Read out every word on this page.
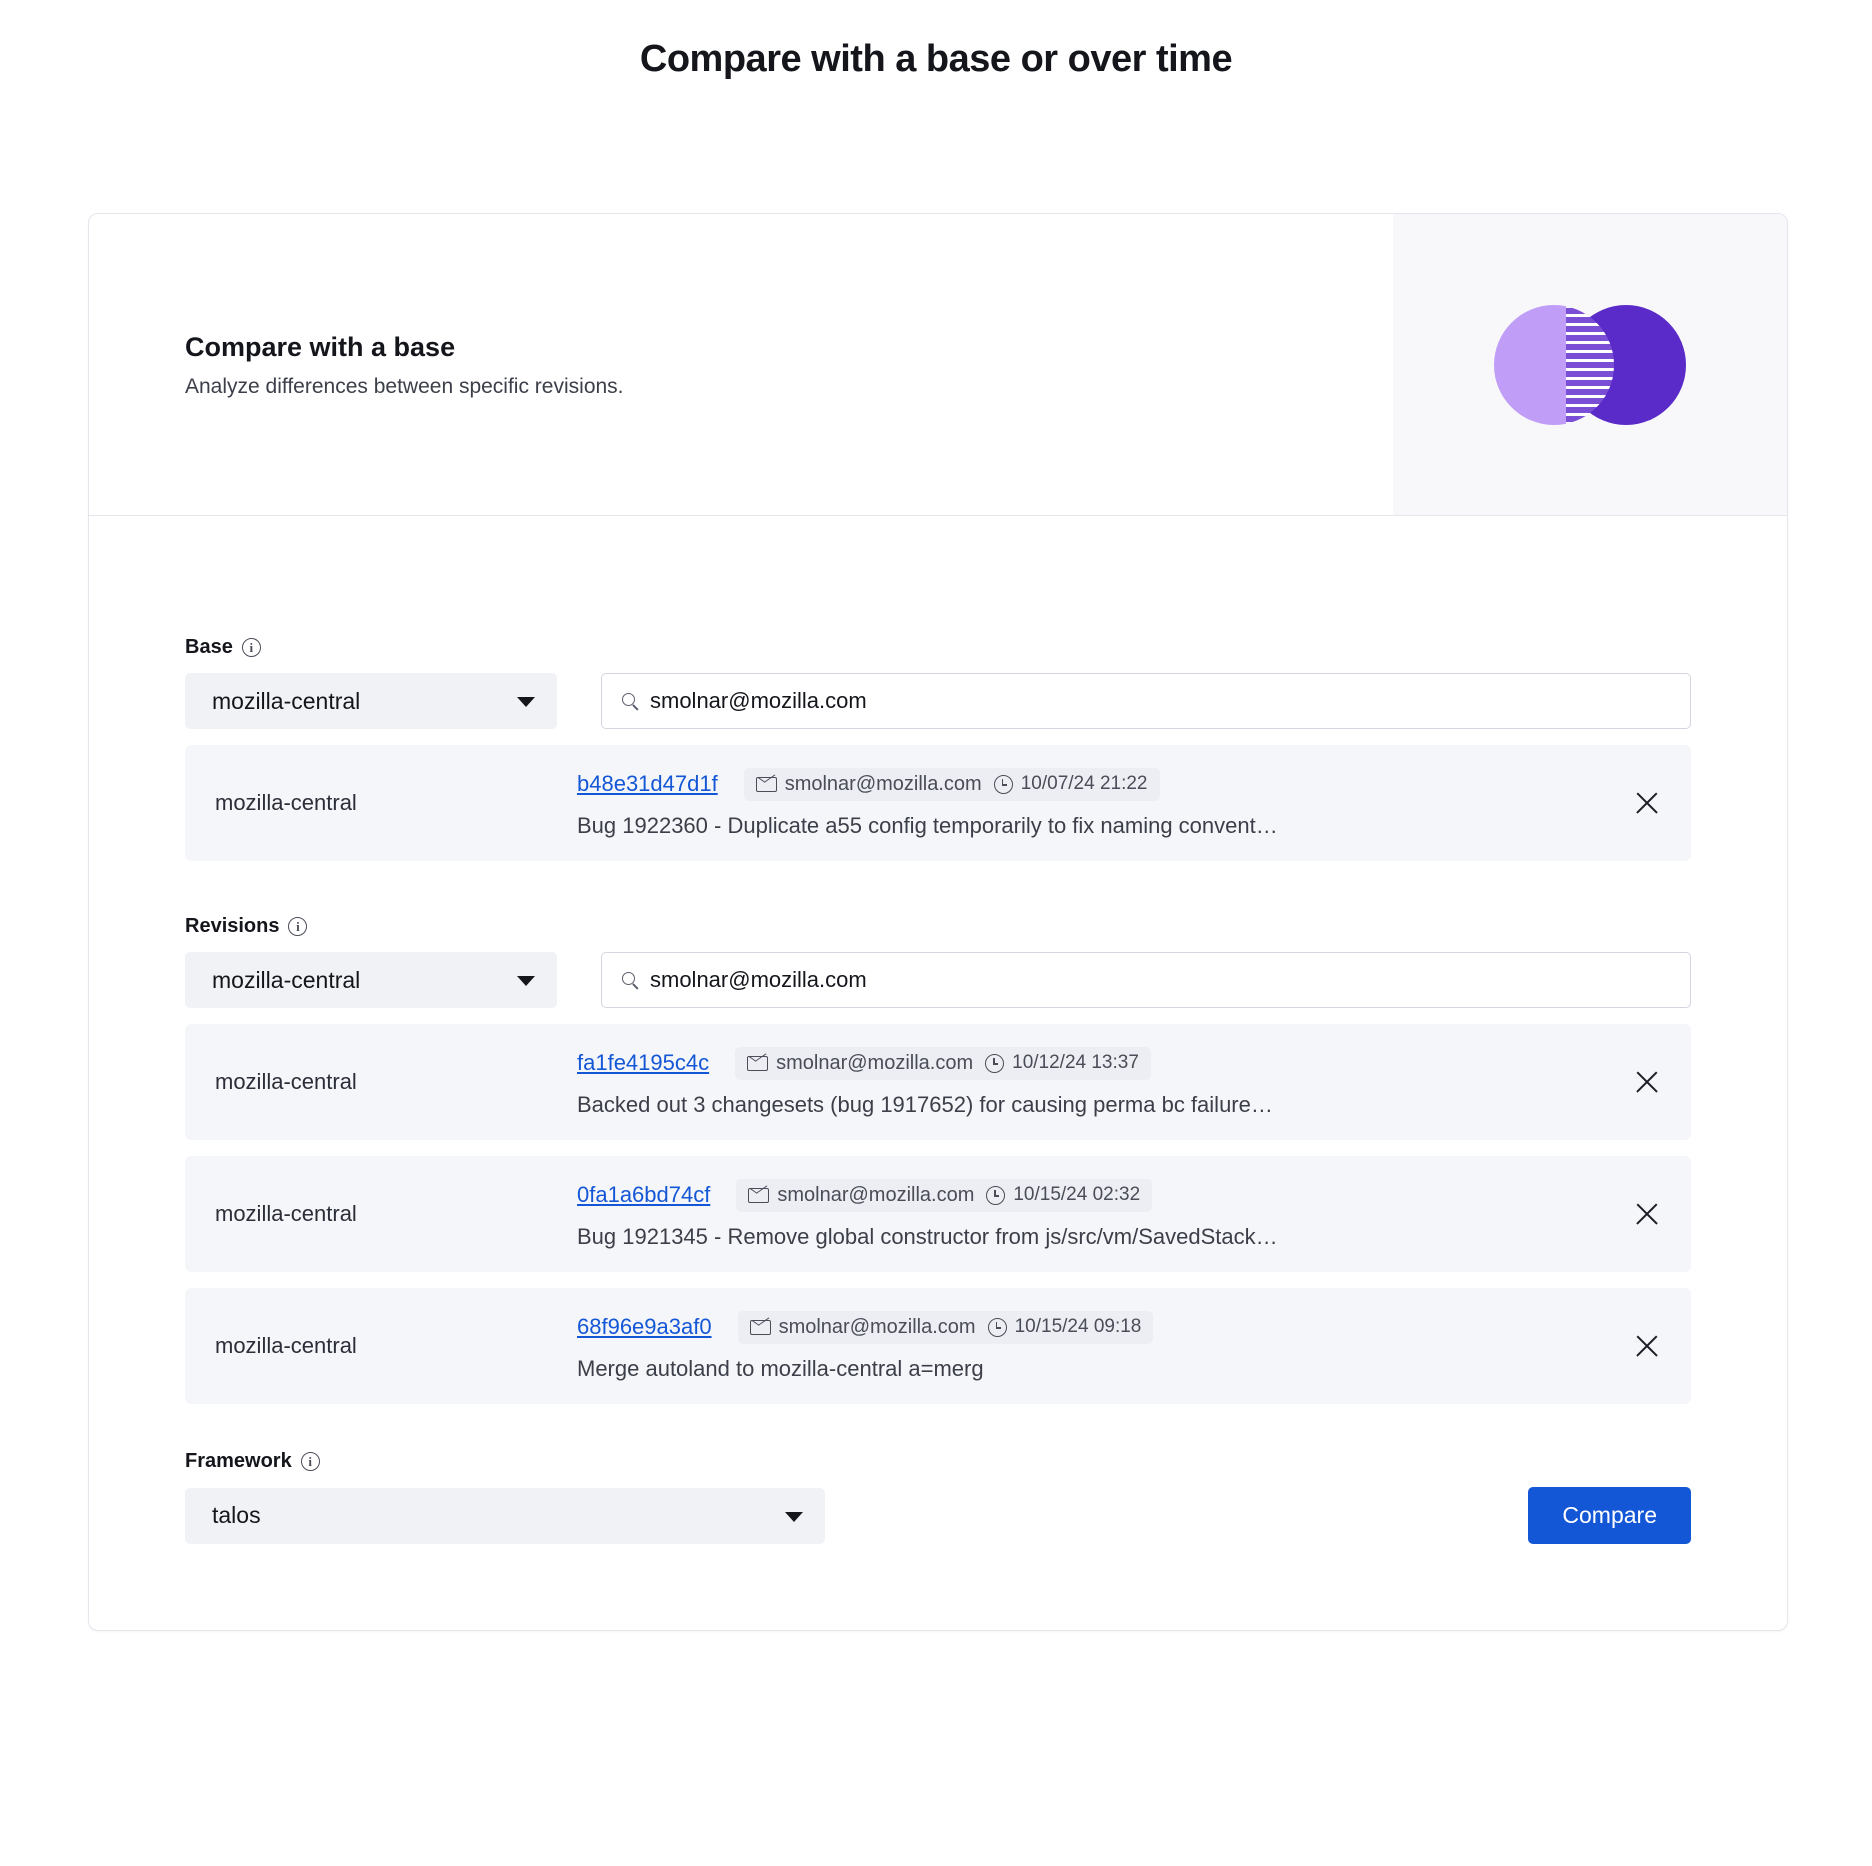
Compare with a base or over time
Compare with a base
Analyze differences between specific revisions.
Base	i
mozilla-central
smolnar@mozilla.com
mozilla-central
b48e31d47d1f	smolnar@mozilla.com 10/07/24 21:22
Bug 1922360 - Duplicate a55 config temporarily to fix naming convent…
Revisions	i
mozilla-central
smolnar@mozilla.com
mozilla-central
fa1fe4195c4c	smolnar@mozilla.com 10/12/24 13:37
Backed out 3 changesets (bug 1917652) for causing perma bc failure…
mozilla-central
0fa1a6bd74cf	smolnar@mozilla.com 10/15/24 02:32
Bug 1921345 - Remove global constructor from js/src/vm/SavedStack…
mozilla-central
68f96e9a3af0	smolnar@mozilla.com 10/15/24 09:18
Merge autoland to mozilla-central a=merg
Framework	i
talos	Compare
